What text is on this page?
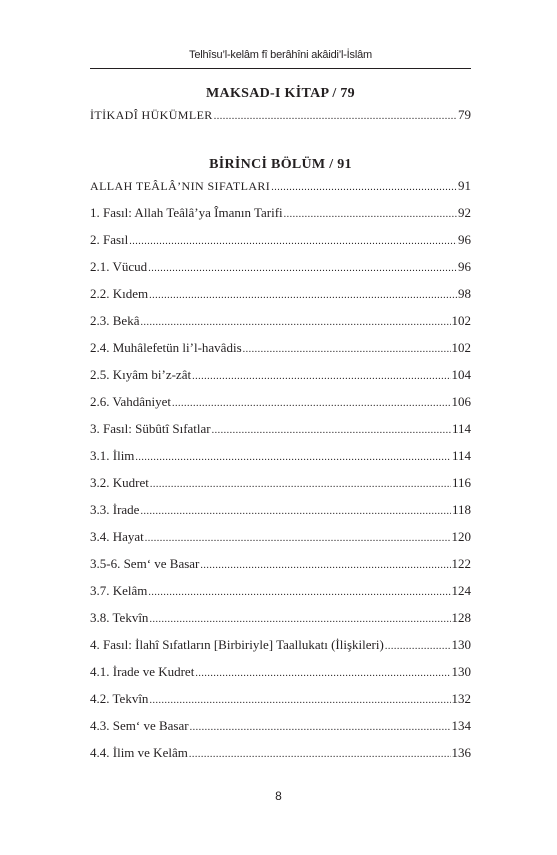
Telhîsu’l-kelâm fî berâhîni akâidi’l-İslâm
MAKSAD-I KİTAP / 79
İTİKADÎ HÜKÜMLER .....	79
BİRİNCİ BÖLÜM / 91
ALLAH TEÂLÂ’NIN SIFATLARI .....	91
1. Fasıl: Allah Teâlâ’ya Îmanın Tarifi .....	92
2. Fasıl .....	96
2.1. Vücud .....	96
2.2. Kıdem .....	98
2.3. Bekâ .....	102
2.4. Muhâlefetün li’l-havâdis .....	102
2.5. Kıyâm bi’z-zât .....	104
2.6. Vahdâniyet .....	106
3. Fasıl: Sübûtî Sıfatlar .....	114
3.1. İlim .....	114
3.2. Kudret .....	116
3.3. İrade .....	118
3.4. Hayat .....	120
3.5-6. Sem‘ ve Basar .....	122
3.7. Kelâm .....	124
3.8. Tekvîn .....	128
4. Fasıl: İlahî Sıfatların [Birbiriyle] Taallukatı (İlişkileri) .....	130
4.1. İrade ve Kudret .....	130
4.2. Tekvîn .....	132
4.3. Sem‘ ve Basar .....	134
4.4. İlim ve Kelâm .....	136
8
